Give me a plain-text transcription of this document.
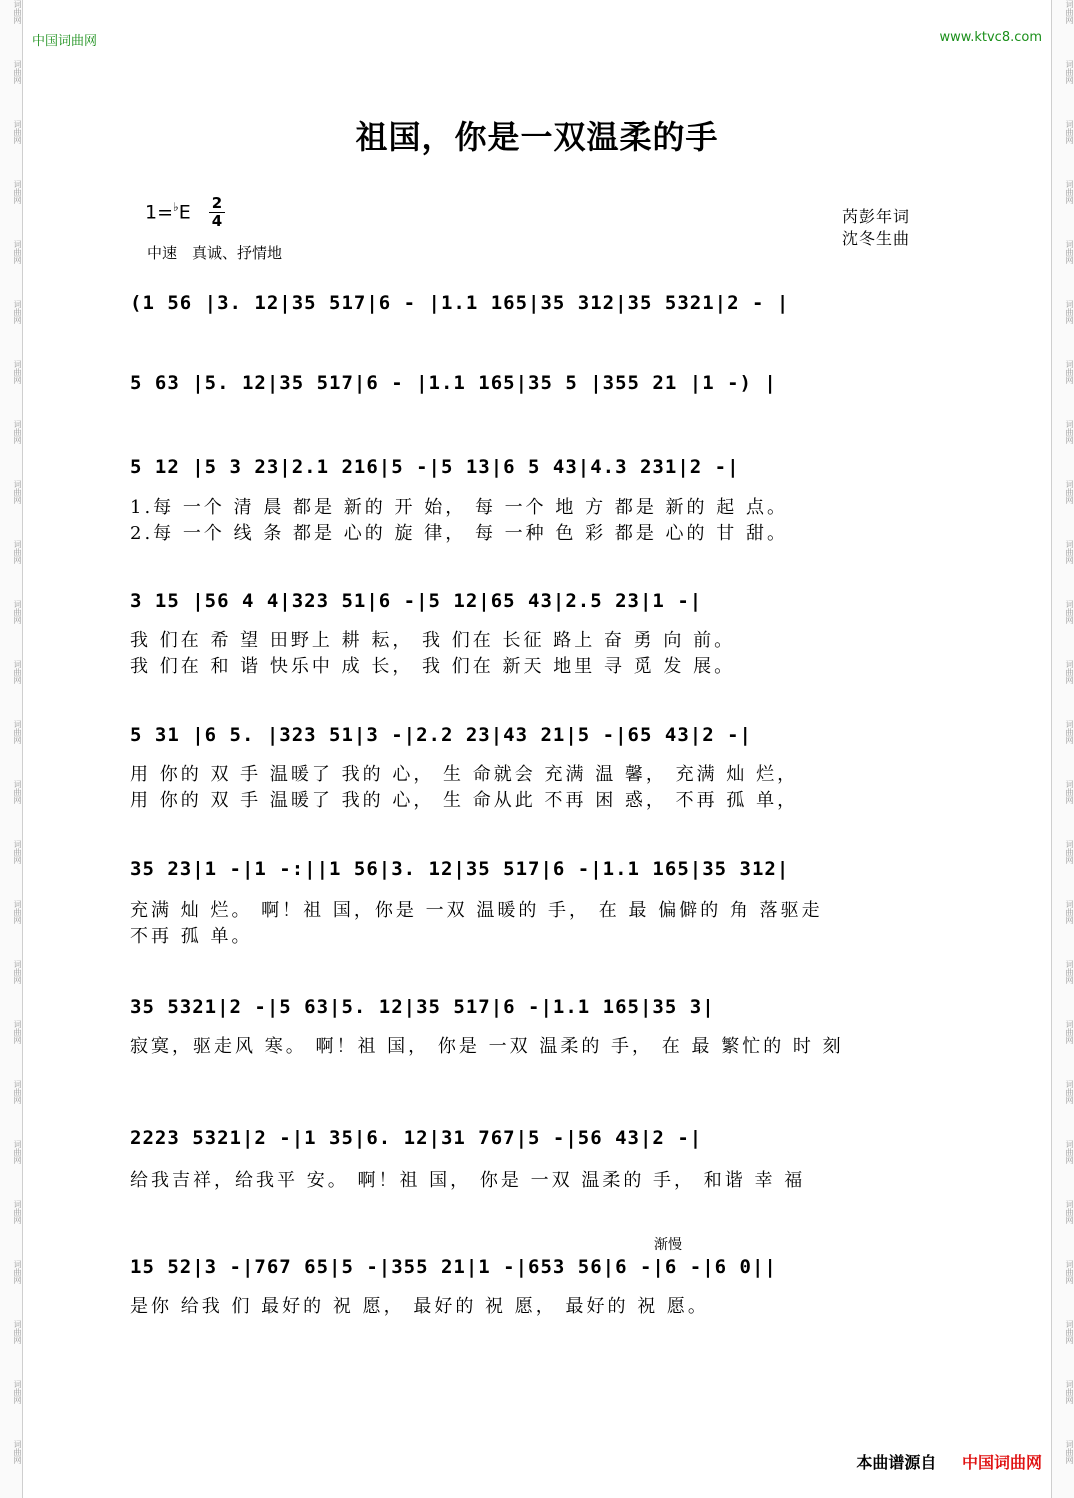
词曲网
词曲网
词曲网
词曲网
词曲网
词曲网
词曲网
词曲网
词曲网
词曲网
词曲网
词曲网
词曲网
词曲网
词曲网
词曲网
词曲网
词曲网
词曲网
词曲网
词曲网
词曲网
词曲网
词曲网
词曲网
词曲网
词曲网
词曲网
词曲网
词曲网
词曲网
词曲网
词曲网
词曲网
词曲网
词曲网
词曲网
词曲网
词曲网
词曲网
词曲网
词曲网
词曲网
词曲网
词曲网
词曲网
词曲网
词曲网
词曲网
词曲网
中国词曲网	www.ktvc8.com
祖国，你是一双温柔的手
1=♭E 2
4
中速　真诚、抒情地
芮彭年词
沈冬生曲
(1 56 |3. 12|35 517|6 - |1.1 165|35 312|35 5321|2 - |
5 63 |5. 12|35 517|6 - |1.1 165|35 5 |355 21 |1 -) |
5 12 |5 3 23|2.1 216|5 -|5 13|6 5 43|4.3 231|2 -|
1.每 一个 清 晨 都是 新的 开 始， 每 一个 地 方 都是 新的 起 点。
2.每 一个 线 条 都是 心的 旋 律， 每 一种 色 彩 都是 心的 甘 甜。
3 15 |56 4 4|323 51|6 -|5 12|65 43|2.5 23|1 -|
我 们在 希 望 田野上 耕 耘， 我 们在 长征 路上 奋 勇 向 前。
我 们在 和 谐 快乐中 成 长， 我 们在 新天 地里 寻 觅 发 展。
5 31 |6 5. |323 51|3 -|2.2 23|43 21|5 -|65 43|2 -|
用 你的 双 手 温暖了 我的 心， 生 命就会 充满 温 馨， 充满 灿 烂，
用 你的 双 手 温暖了 我的 心， 生 命从此 不再 困 惑， 不再 孤 单，
35 23|1 -|1 -:||1 56|3. 12|35 517|6 -|1.1 165|35 312|
充满 灿 烂。 啊！祖 国，你是 一双 温暖的 手， 在 最 偏僻的 角 落驱走
不再 孤 单。
35 5321|2 -|5 63|5. 12|35 517|6 -|1.1 165|35 3|
寂寞，驱走风 寒。 啊！祖 国， 你是 一双 温柔的 手， 在 最 繁忙的 时 刻
2223 5321|2 -|1 35|6. 12|31 767|5 -|56 43|2 -|
给我吉祥，给我平 安。 啊！祖 国， 你是 一双 温柔的 手， 和谐 幸 福
渐慢
15 52|3 -|767 65|5 -|355 21|1 -|653 56|6 -|6 -|6 0||
是你 给我 们 最好的 祝 愿， 最好的 祝 愿， 最好的 祝 愿。
本曲谱源自 中国词曲网
